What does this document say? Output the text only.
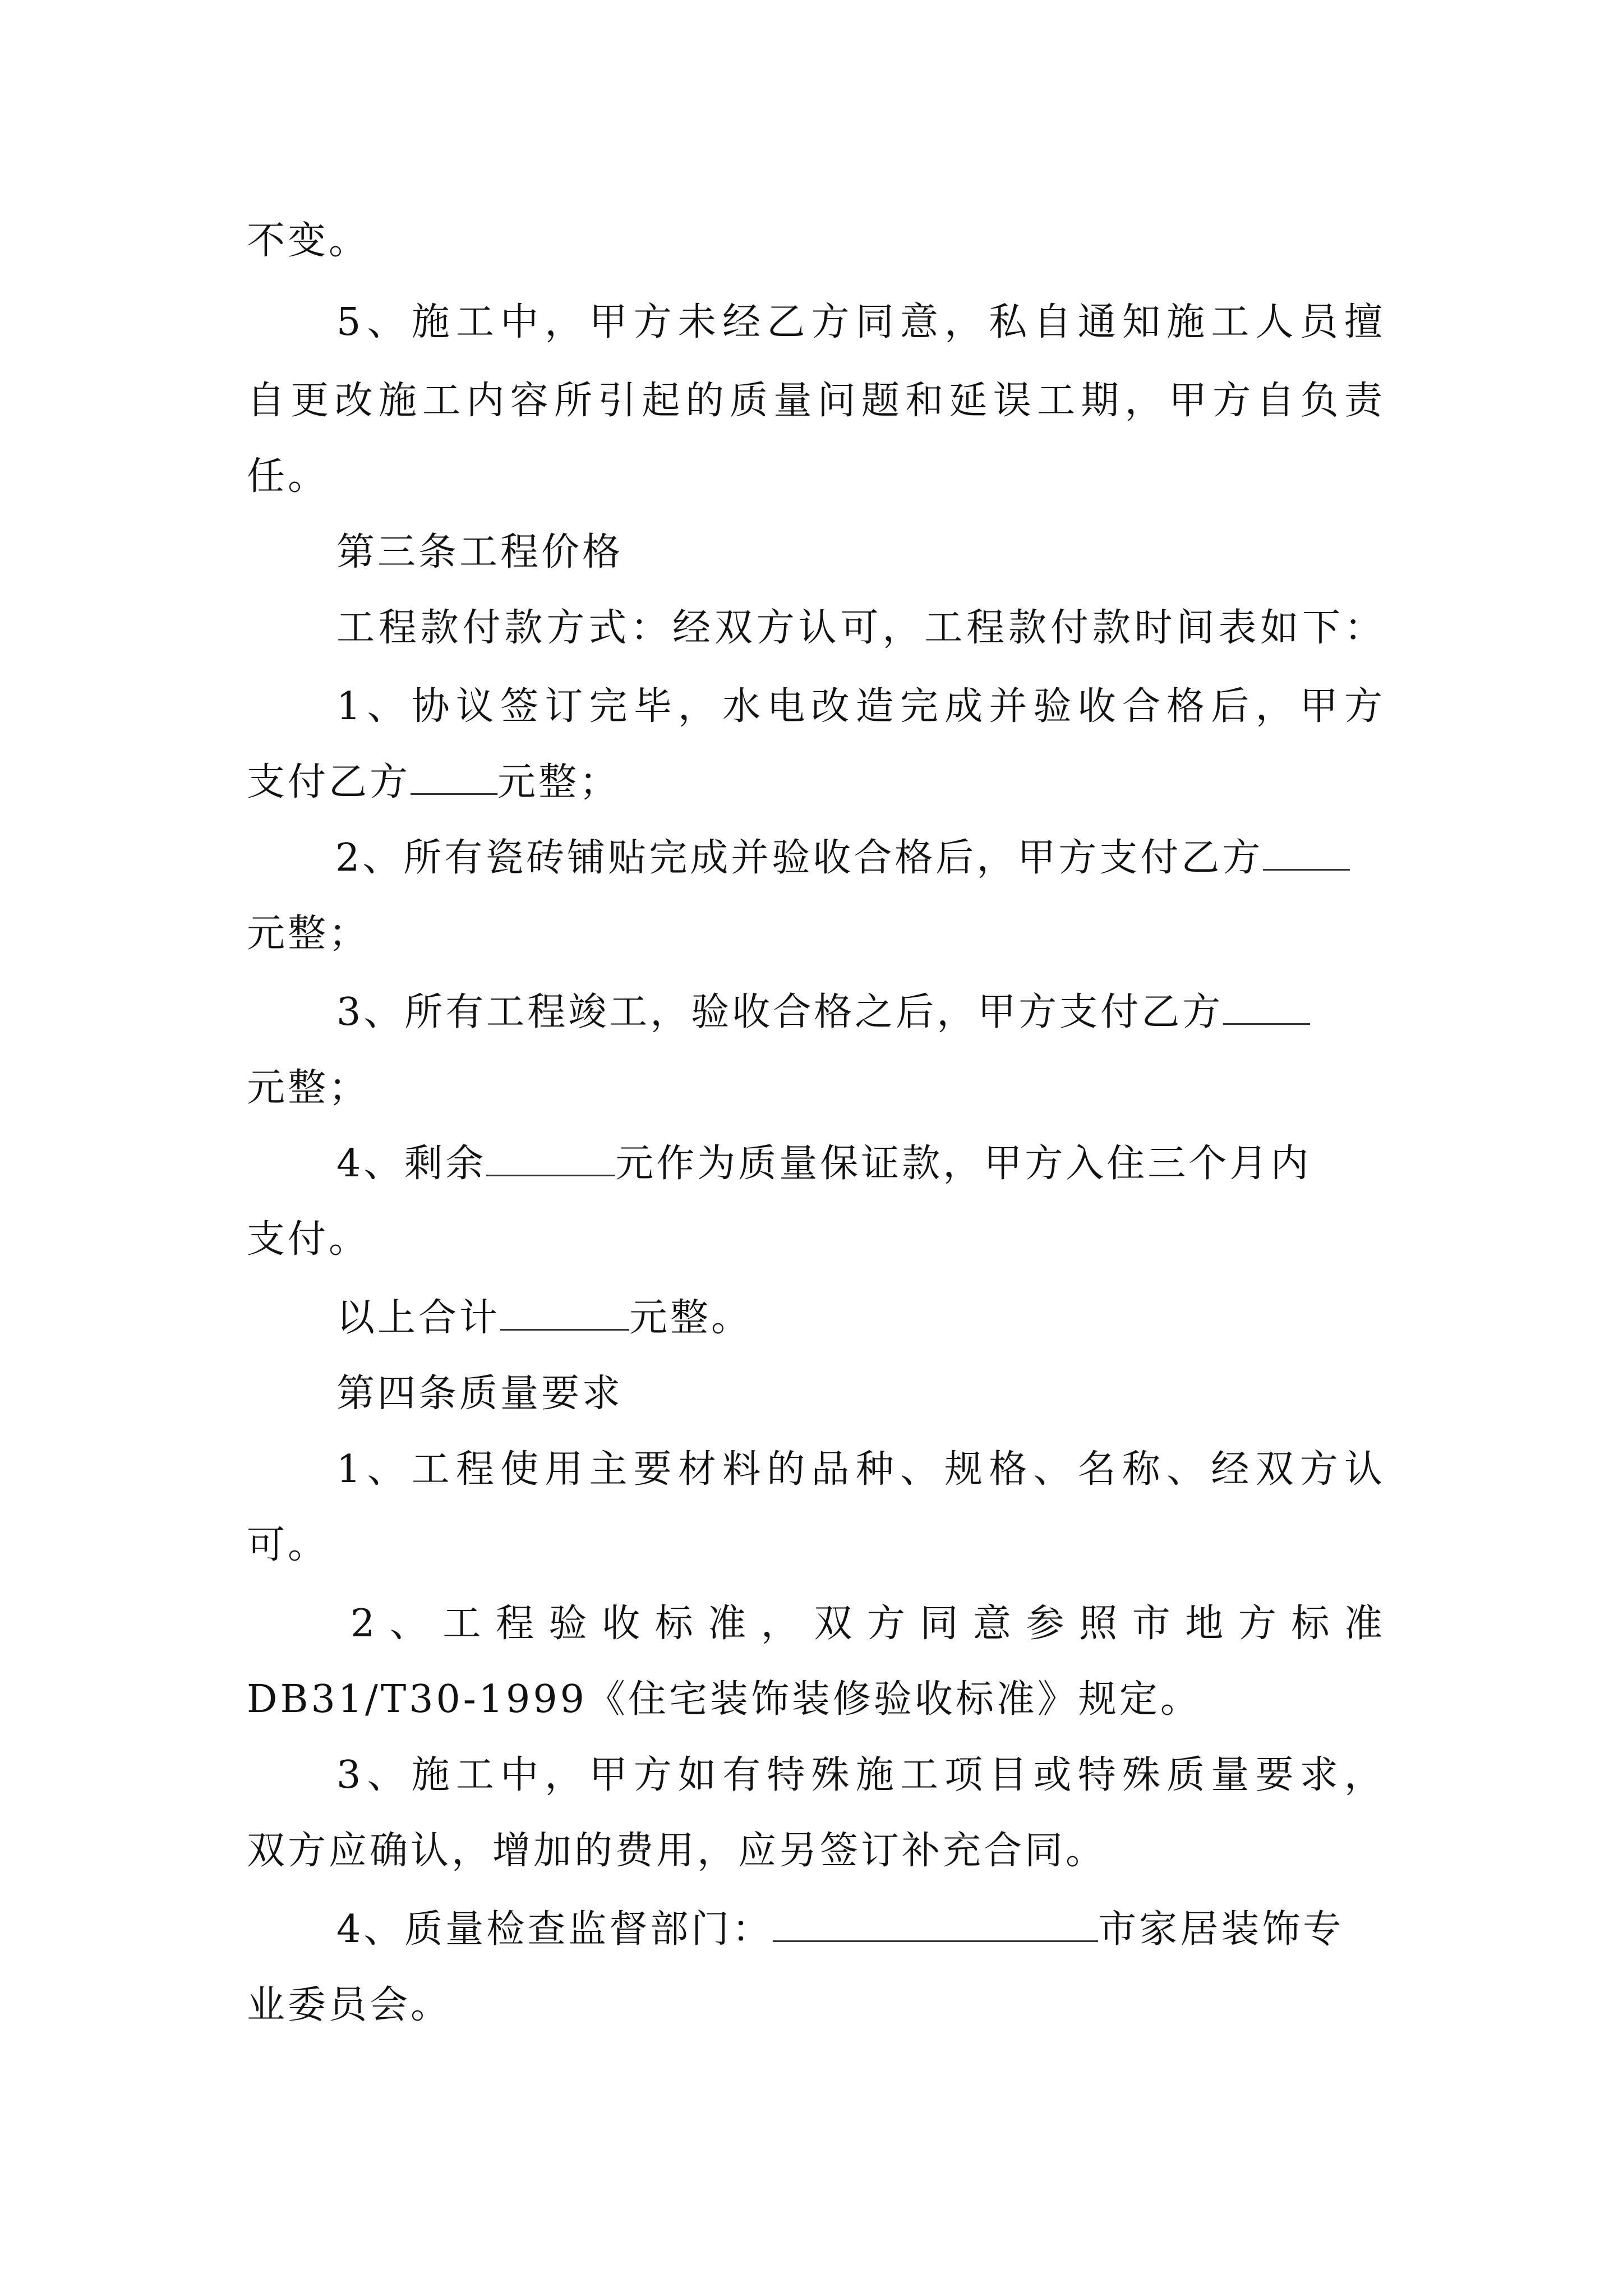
不变。
5、施工中，甲方未经乙方同意，私自通知施工人员擅
自更改施工内容所引起的质量问题和延误工期，甲方自负责
任。
第三条工程价格
工程款付款方式：经双方认可，工程款付款时间表如下：
1、协议签订完毕，水电改造完成并验收合格后，甲方
支付乙方 元整；
2、所有瓷砖铺贴完成并验收合格后，甲方支付乙方
元整；
3、所有工程竣工，验收合格之后，甲方支付乙方
元整；
4、剩余	元作为质量保证款，甲方入住三个月内
支付。
以上合计	元整。
第四条质量要求
1、工程使用主要材料的品种、规格、名称、经双方认
可。
2、工程验收标准，双方同意参照市地方标准
DB31/T30-1999《住宅装饰装修验收标准》规定。
3、施工中，甲方如有特殊施工项目或特殊质量要求，
双方应确认，增加的费用，应另签订补充合同。
4、质量检查监督部门：	市家居装饰专
业委员会。
